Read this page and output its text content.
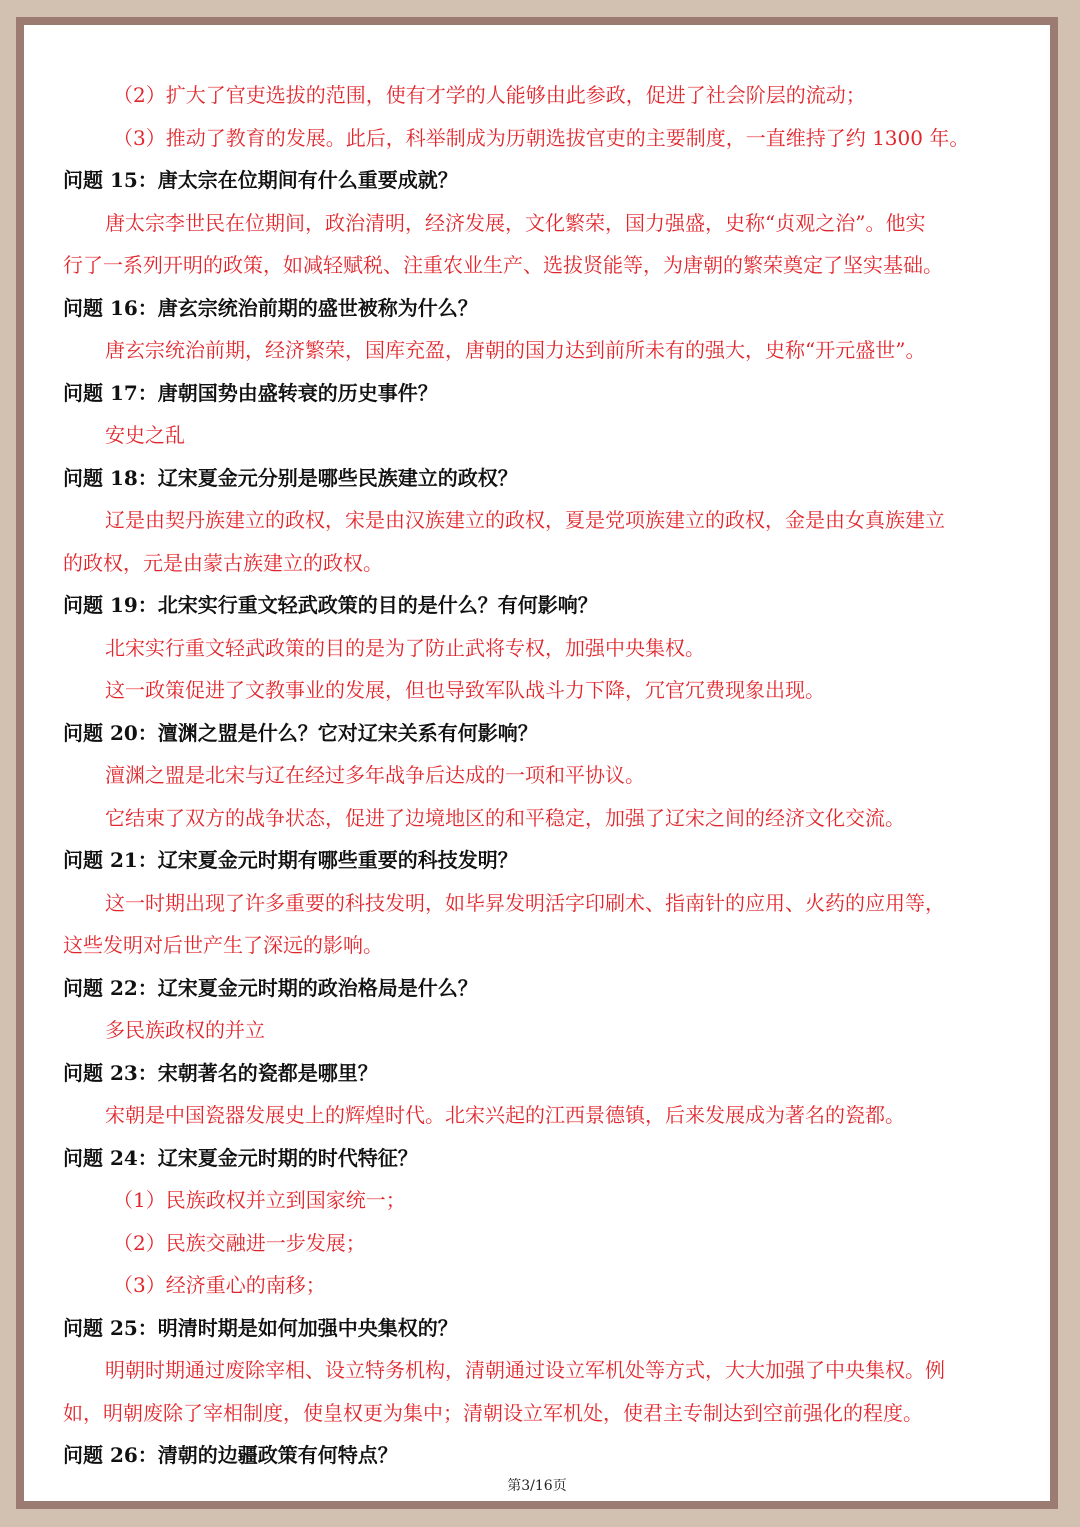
（2）扩大了官吏选拔的范围，使有才学的人能够由此参政，促进了社会阶层的流动；
（3）推动了教育的发展。此后，科举制成为历朝选拔官吏的主要制度，一直维持了约 1300 年。
问题 15：唐太宗在位期间有什么重要成就？
唐太宗李世民在位期间，政治清明，经济发展，文化繁荣，国力强盛，史称“贞观之治”。他实
行了一系列开明的政策，如减轻赋税、注重农业生产、选拔贤能等，为唐朝的繁荣奠定了坚实基础。
问题 16：唐玄宗统治前期的盛世被称为什么？
唐玄宗统治前期，经济繁荣，国库充盈，唐朝的国力达到前所未有的强大，史称“开元盛世”。
问题 17：唐朝国势由盛转衰的历史事件？
安史之乱
问题 18：辽宋夏金元分别是哪些民族建立的政权？
辽是由契丹族建立的政权，宋是由汉族建立的政权，夏是党项族建立的政权，金是由女真族建立
的政权，元是由蒙古族建立的政权。
问题 19：北宋实行重文轻武政策的目的是什么？有何影响？
北宋实行重文轻武政策的目的是为了防止武将专权，加强中央集权。
这一政策促进了文教事业的发展，但也导致军队战斗力下降，冗官冗费现象出现。
问题 20：澶渊之盟是什么？它对辽宋关系有何影响？
澶渊之盟是北宋与辽在经过多年战争后达成的一项和平协议。
它结束了双方的战争状态，促进了边境地区的和平稳定，加强了辽宋之间的经济文化交流。
问题 21：辽宋夏金元时期有哪些重要的科技发明？
这一时期出现了许多重要的科技发明，如毕昇发明活字印刷术、指南针的应用、火药的应用等，
这些发明对后世产生了深远的影响。
问题 22：辽宋夏金元时期的政治格局是什么？
多民族政权的并立
问题 23：宋朝著名的瓷都是哪里？
宋朝是中国瓷器发展史上的辉煌时代。北宋兴起的江西景德镇，后来发展成为著名的瓷都。
问题 24：辽宋夏金元时期的时代特征？
（1）民族政权并立到国家统一；
（2）民族交融进一步发展；
（3）经济重心的南移；
问题 25：明清时期是如何加强中央集权的？
明朝时期通过废除宰相、设立特务机构，清朝通过设立军机处等方式，大大加强了中央集权。例
如，明朝废除了宰相制度，使皇权更为集中；清朝设立军机处，使君主专制达到空前强化的程度。
问题 26：清朝的边疆政策有何特点？
第3/16页
